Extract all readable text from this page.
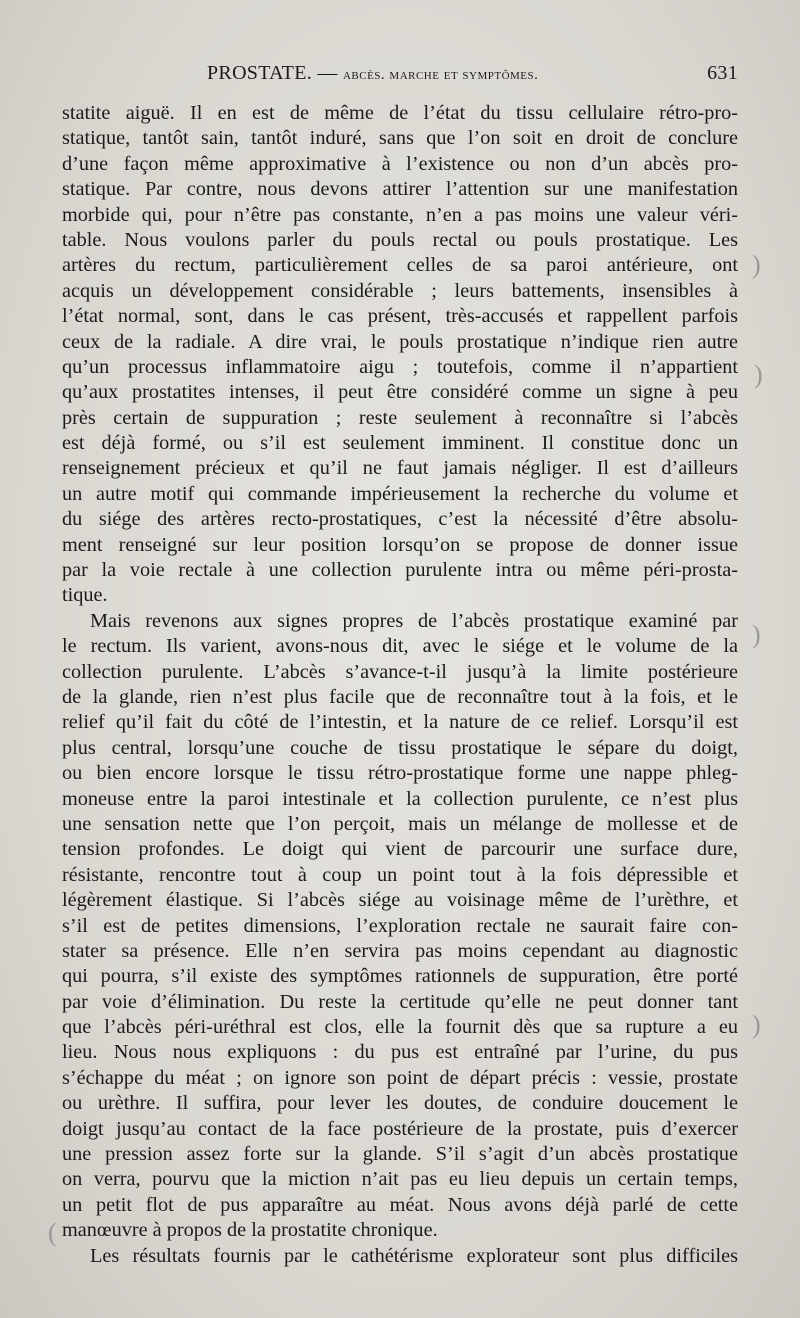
PROSTATE. — abcès. marche et symptômes.	631
statite aiguë. Il en est de même de l’état du tissu cellulaire rétro-pro-
statique, tantôt sain, tantôt induré, sans que l’on soit en droit de conclure
d’une façon même approximative à l’existence ou non d’un abcès pro-
statique. Par contre, nous devons attirer l’attention sur une manifestation
morbide qui, pour n’être pas constante, n’en a pas moins une valeur véri-
table. Nous voulons parler du pouls rectal ou pouls prostatique. Les
artères du rectum, particulièrement celles de sa paroi antérieure, ont
acquis un développement considérable ; leurs battements, insensibles à
l’état normal, sont, dans le cas présent, très-accusés et rappellent parfois
ceux de la radiale. A dire vrai, le pouls prostatique n’indique rien autre
qu’un processus inflammatoire aigu ; toutefois, comme il n’appartient
qu’aux prostatites intenses, il peut être considéré comme un signe à peu
près certain de suppuration ; reste seulement à reconnaître si l’abcès
est déjà formé, ou s’il est seulement imminent. Il constitue donc un
renseignement précieux et qu’il ne faut jamais négliger. Il est d’ailleurs
un autre motif qui commande impérieusement la recherche du volume et
du siége des artères recto-prostatiques, c’est la nécessité d’être absolu-
ment renseigné sur leur position lorsqu’on se propose de donner issue
par la voie rectale à une collection purulente intra ou même péri-prosta-
tique.
Mais revenons aux signes propres de l’abcès prostatique examiné par
le rectum. Ils varient, avons-nous dit, avec le siége et le volume de la
collection purulente. L’abcès s’avance-t-il jusqu’à la limite postérieure
de la glande, rien n’est plus facile que de reconnaître tout à la fois, et le
relief qu’il fait du côté de l’intestin, et la nature de ce relief. Lorsqu’il est
plus central, lorsqu’une couche de tissu prostatique le sépare du doigt,
ou bien encore lorsque le tissu rétro-prostatique forme une nappe phleg-
moneuse entre la paroi intestinale et la collection purulente, ce n’est plus
une sensation nette que l’on perçoit, mais un mélange de mollesse et de
tension profondes. Le doigt qui vient de parcourir une surface dure,
résistante, rencontre tout à coup un point tout à la fois dépressible et
légèrement élastique. Si l’abcès siége au voisinage même de l’urèthre, et
s’il est de petites dimensions, l’exploration rectale ne saurait faire con-
stater sa présence. Elle n’en servira pas moins cependant au diagnostic
qui pourra, s’il existe des symptômes rationnels de suppuration, être porté
par voie d’élimination. Du reste la certitude qu’elle ne peut donner tant
que l’abcès péri-uréthral est clos, elle la fournit dès que sa rupture a eu
lieu. Nous nous expliquons : du pus est entraîné par l’urine, du pus
s’échappe du méat ; on ignore son point de départ précis : vessie, prostate
ou urèthre. Il suffira, pour lever les doutes, de conduire doucement le
doigt jusqu’au contact de la face postérieure de la prostate, puis d’exercer
une pression assez forte sur la glande. S’il s’agit d’un abcès prostatique
on verra, pourvu que la miction n’ait pas eu lieu depuis un certain temps,
un petit flot de pus apparaître au méat. Nous avons déjà parlé de cette
manœuvre à propos de la prostatite chronique.
Les résultats fournis par le cathétérisme explorateur sont plus difficiles
)
)
)
)
(
